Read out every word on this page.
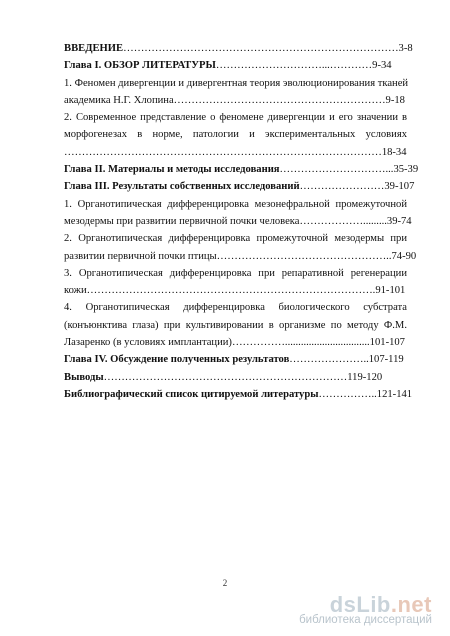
ВВЕДЕНИЕ……………………………………………………………………3-8
Глава I. ОБЗОР ЛИТЕРАТУРЫ…………………………...…………9-34
1. Феномен дивергенции и дивергентная теория эволюционирования тканей
академика Н.Г. Хлопина……………………………………………………9-18
2. Современное представление о феномене дивергенции и его значении в
морфогенезах в норме, патологии и экспериментальных условиях
………………………………………………………………………………18-34
Глава II. Материалы и методы исследования…………………………...35-39
Глава III. Результаты собственных исследований……………………39-107
1. Органотипическая дифференцировка мезонефральной промежуточной
мезодермы при развитии первичной почки человека……………….........39-74
2. Органотипическая дифференцировка промежуточной мезодермы при
развитии первичной почки птицы…………………………………………..74-90
3. Органотипическая дифференцировка при репаративной регенерации
кожи……………………………………………………………………….91-101
4. Органотипическая дифференцировка биологического субстрата
(конъюнктива глаза) при культивировании в организме по методу Ф.М.
Лазаренко (в условиях имплантации)……………................................101-107
Глава IV. Обсуждение полученных результатов…………………..107-119
Выводы……………………………………………………………119-120
Библиографический список цитируемой литературы……………..121-141
2
dsLib.net
библиотека диссертаций
